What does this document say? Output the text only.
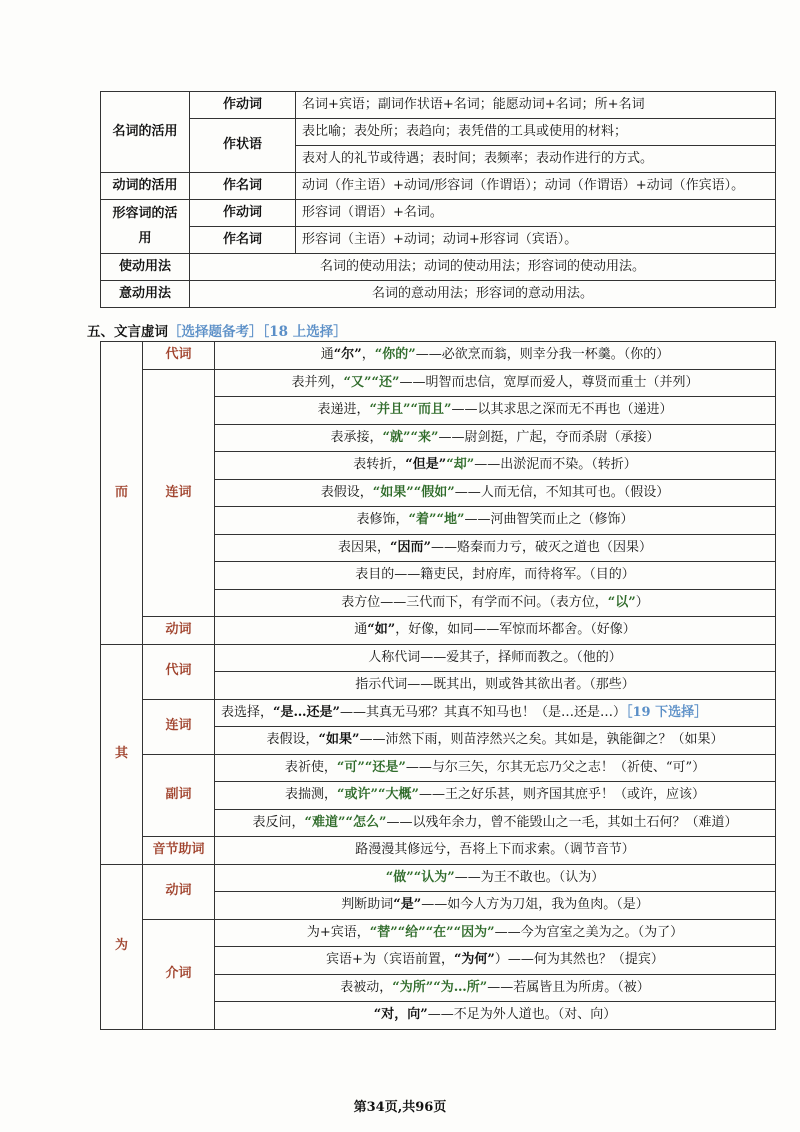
名词的活用	作动词	名词+宾语；副词作状语+名词；能愿动词+名词；所+名词
	作状语	表比喻；表处所；表趋向；表凭借的工具或使用的材料；
		表对人的礼节或待遇；表时间；表频率；表动作进行的方式。
动词的活用	作名词	动词（作主语）+动词/形容词（作谓语）；动词（作谓语）+动词（作宾语）。

形容词的活
用	作动词	形容词（谓语）+名词。
	作名词	形容词（主语）+动词；动词+形容词（宾语）。
使动用法	名词的使动用法；动词的使动用法；形容词的使动用法。	
意动用法	名词的意动用法；形容词的意动用法。	
五、文言虚词［选择题备考］［18 上选择］
而	代词	通“尔”，“你的”——必欲烹而翁，则幸分我一杯羹。（你的）
	连词	表并列，“又”“还”——明智而忠信，宽厚而爱人，尊贤而重士（并列）
		表递进，“并且”“而且”——以其求思之深而无不再也（递进）
		表承接，“就”“来”——尉剑挺，广起，夺而杀尉（承接）
		表转折，“但是”“却”——出淤泥而不染。（转折）
		表假设，“如果”“假如”——人而无信，不知其可也。（假设）
		表修饰，“着”“地”——河曲智笑而止之（修饰）
		表因果，“因而”——赂秦而力亏，破灭之道也（因果）
		表目的——籍吏民，封府库，而待将军。（目的）
		表方位——三代而下，有学而不问。（表方位，“以”）
	动词	通“如”，好像，如同——军惊而坏都舍。（好像）
其	代词	人称代词——爱其子，择师而教之。（他的）
		指示代词——既其出，则或咎其欲出者。（那些）
	连词	表选择，“是…还是”——其真无马邪？其真不知马也！（是…还是…）［19 下选择］
		表假设，“如果”——沛然下雨，则苗浡然兴之矣。其如是，孰能御之？（如果）
	副词	表祈使，“可”“还是”——与尔三矢，尔其无忘乃父之志！（祈使、“可”）
		表揣测，“或许”“大概”——王之好乐甚，则齐国其庶乎！（或许，应该）
		表反问，“难道”“怎么”——以残年余力，曾不能毁山之一毛，其如土石何？（难道）
	音节助词	路漫漫其修远兮，吾将上下而求索。（调节音节）
为	动词	“做”“认为”——为王不敢也。（认为）
		判断助词“是”——如今人方为刀俎，我为鱼肉。（是）
	介词	为+宾语，“替”“给”“在”“因为”——今为宫室之美为之。（为了）
		宾语+为（宾语前置，“为何”）——何为其然也？（提宾）
		表被动，“为所”“为…所”——若属皆且为所虏。（被）
		“对，向”——不足为外人道也。（对、向）
第34页,共96页
